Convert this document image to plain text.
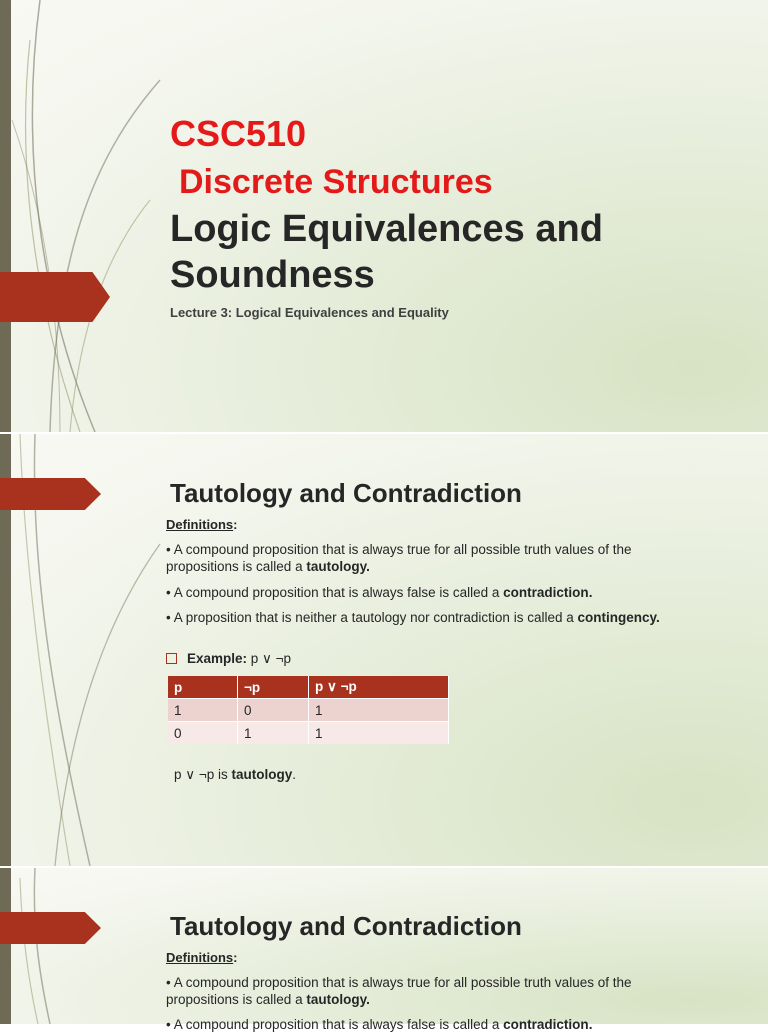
CSC510
Discrete Structures
Logic Equivalences and Soundness

Lecture 3: Logical Equivalences and Equality

Tautology and Contradiction
Definitions:

• A compound proposition that is always true for all possible truth values of the propositions is called a tautology.

• A compound proposition that is always false is called a contradiction.

• A proposition that is neither a tautology nor contradiction is called a contingency.

Example: p ∨ ¬p
p	¬p	p ∨ ¬p
1	0	1
0	1	1
p ∨ ¬p is tautology.
Tautology and Contradiction
Definitions:

• A compound proposition that is always true for all possible truth values of the propositions is called a tautology.

• A compound proposition that is always false is called a contradiction.
